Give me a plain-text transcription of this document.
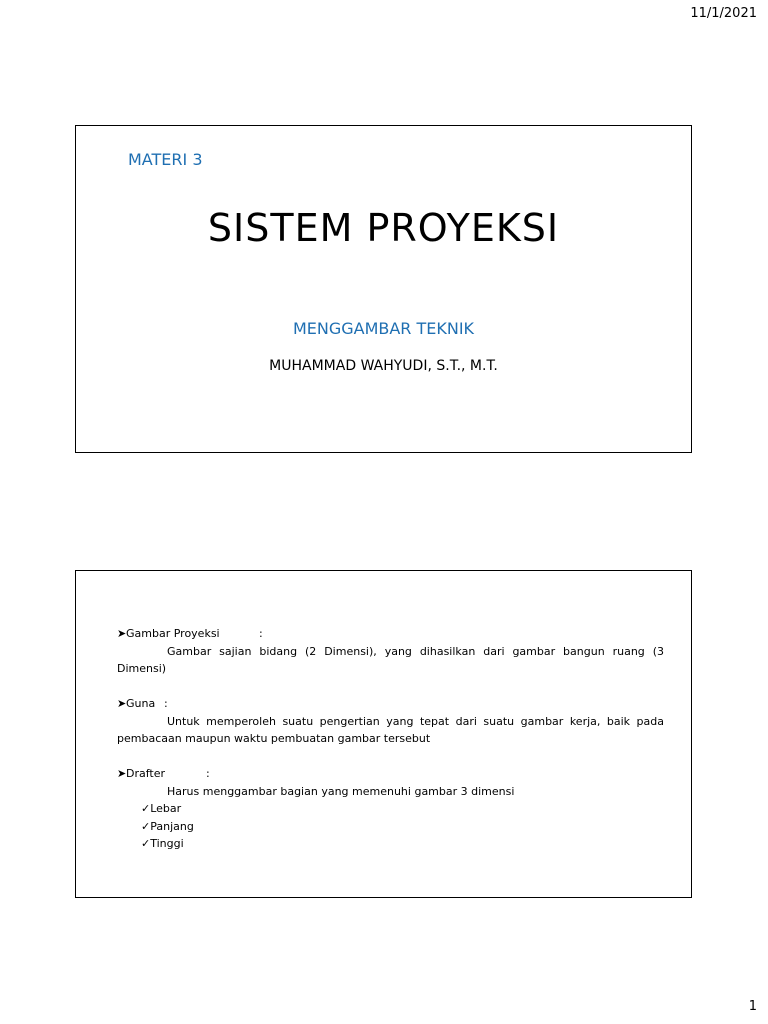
11/1/2021
MATERI 3
SISTEM PROYEKSI
MENGGAMBAR TEKNIK
MUHAMMAD WAHYUDI, S.T., M.T.
➤ Gambar Proyeksi	:
Gambar sajian bidang (2 Dimensi), yang dihasilkan dari gambar bangun ruang (3 Dimensi)
➤ Guna :
Untuk memperoleh suatu pengertian yang tepat dari suatu gambar kerja, baik pada pembacaan maupun waktu pembuatan gambar tersebut
➤ Drafter	:
Harus menggambar bagian yang memenuhi gambar 3 dimensi
✓Lebar
✓Panjang
✓Tinggi
1
